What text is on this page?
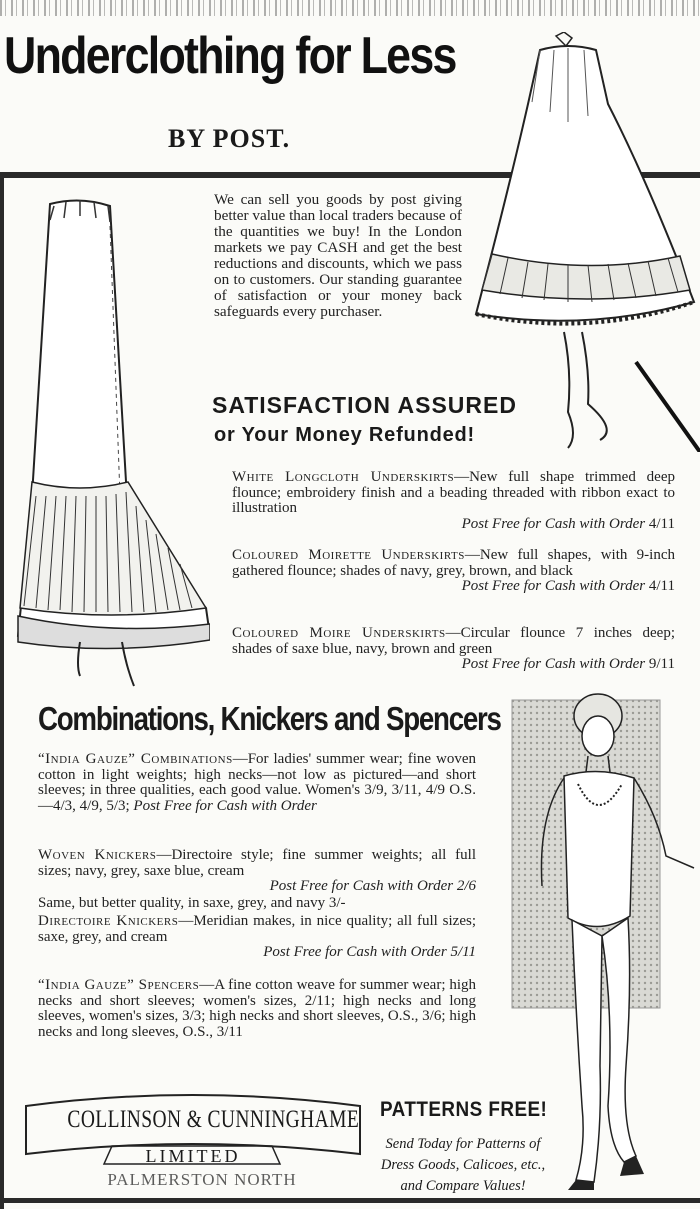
Underclothing for Less
BY POST.
We can sell you goods by post giving better value than local traders because of the quantities we buy! In the London markets we pay CASH and get the best reductions and discounts, which we pass on to customers. Our standing guarantee of satisfaction or your money back safeguards every purchaser.
SATISFACTION ASSURED
or Your Money Refunded!
White Longcloth Underskirts—New full shape trimmed deep flounce; embroidery finish and a beading threaded with ribbon exact to illustration
Post Free for Cash with Order 4/11
Coloured Moirette Underskirts—New full shapes, with 9-inch gathered flounce; shades of navy, grey, brown, and black
Post Free for Cash with Order 4/11
Coloured Moire Underskirts—Circular flounce 7 inches deep; shades of saxe blue, navy, brown and green
Post Free for Cash with Order 9/11
Combinations, Knickers and Spencers
“India Gauze” Combinations—For ladies' summer wear; fine woven cotton in light weights; high necks—not low as pictured—and short sleeves; in three qualities, each good value. Women's 3/9, 3/11, 4/9 O.S.—4/3, 4/9, 5/3; Post Free for Cash with Order
Woven Knickers—Directoire style; fine summer weights; all full sizes; navy, grey, saxe blue, cream
Post Free for Cash with Order 2/6
Same, but better quality, in saxe, grey, and navy 3/-
Directoire Knickers—Meridian makes, in nice quality; all full sizes; saxe, grey, and cream
Post Free for Cash with Order 5/11
“India Gauze” Spencers—A fine cotton weave for summer wear; high necks and short sleeves; women's sizes, 2/11; high necks and long sleeves, women's sizes, 3/3; high necks and short sleeves, O.S., 3/6; high necks and long sleeves, O.S., 3/11
COLLINSON & CUNNINGHAME
LIMITED
PALMERSTON NORTH
PATTERNS FREE!
Send Today for Patterns of
Dress Goods, Calicoes, etc.,
and Compare Values!
